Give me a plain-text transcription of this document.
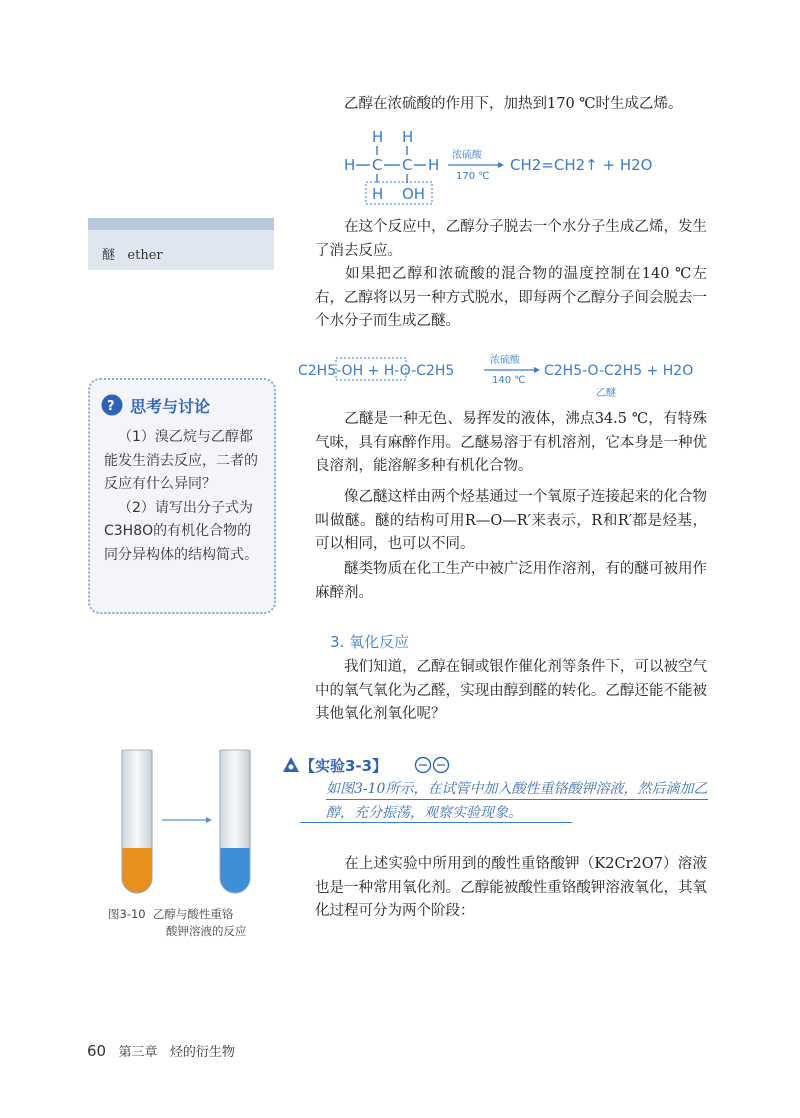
乙醇在浓硫酸的作用下，加热到170 ℃时生成乙烯。
H H
H C C H
H OH
浓硫酸
170 ℃
CH2=CH2↑ + H2O
在这个反应中，乙醇分子脱去一个水分子生成乙烯，发生了消去反应。
如果把乙醇和浓硫酸的混合物的温度控制在140 ℃左右，乙醇将以另一种方式脱水，即每两个乙醇分子间会脱去一个水分子而生成乙醚。
C2H5-OH + H-O-C2H5
浓硫酸
140 ℃
C2H5-O-C2H5 + H2O
乙醚
乙醚是一种无色、易挥发的液体，沸点34.5 ℃，有特殊气味，具有麻醉作用。乙醚易溶于有机溶剂，它本身是一种优良溶剂，能溶解多种有机化合物。
像乙醚这样由两个烃基通过一个氧原子连接起来的化合物叫做醚。醚的结构可用R—O—R′来表示，R和R′都是烃基，可以相同，也可以不同。
醚类物质在化工生产中被广泛用作溶剂，有的醚可被用作麻醉剂。
3. 氧化反应
我们知道，乙醇在铜或银作催化剂等条件下，可以被空气中的氧气氧化为乙醛，实现由醇到醛的转化。乙醇还能不能被其他氧化剂氧化呢？
【实验3-3】
如图3-10所示，在试管中加入酸性重铬酸钾溶液，然后滴加乙醇，充分振荡，观察实验现象。
在上述实验中所用到的酸性重铬酸钾（K2Cr2O7）溶液也是一种常用氧化剂。乙醇能被酸性重铬酸钾溶液氧化，其氧化过程可分为两个阶段：
醚 ether
? 思考与讨论
（1）溴乙烷与乙醇都能发生消去反应，二者的反应有什么异同？
（2）请写出分子式为C3H8O的有机化合物的同分异构体的结构简式。
图3-10 乙醇与酸性重铬
酸钾溶液的反应
60 第三章 烃的衍生物
